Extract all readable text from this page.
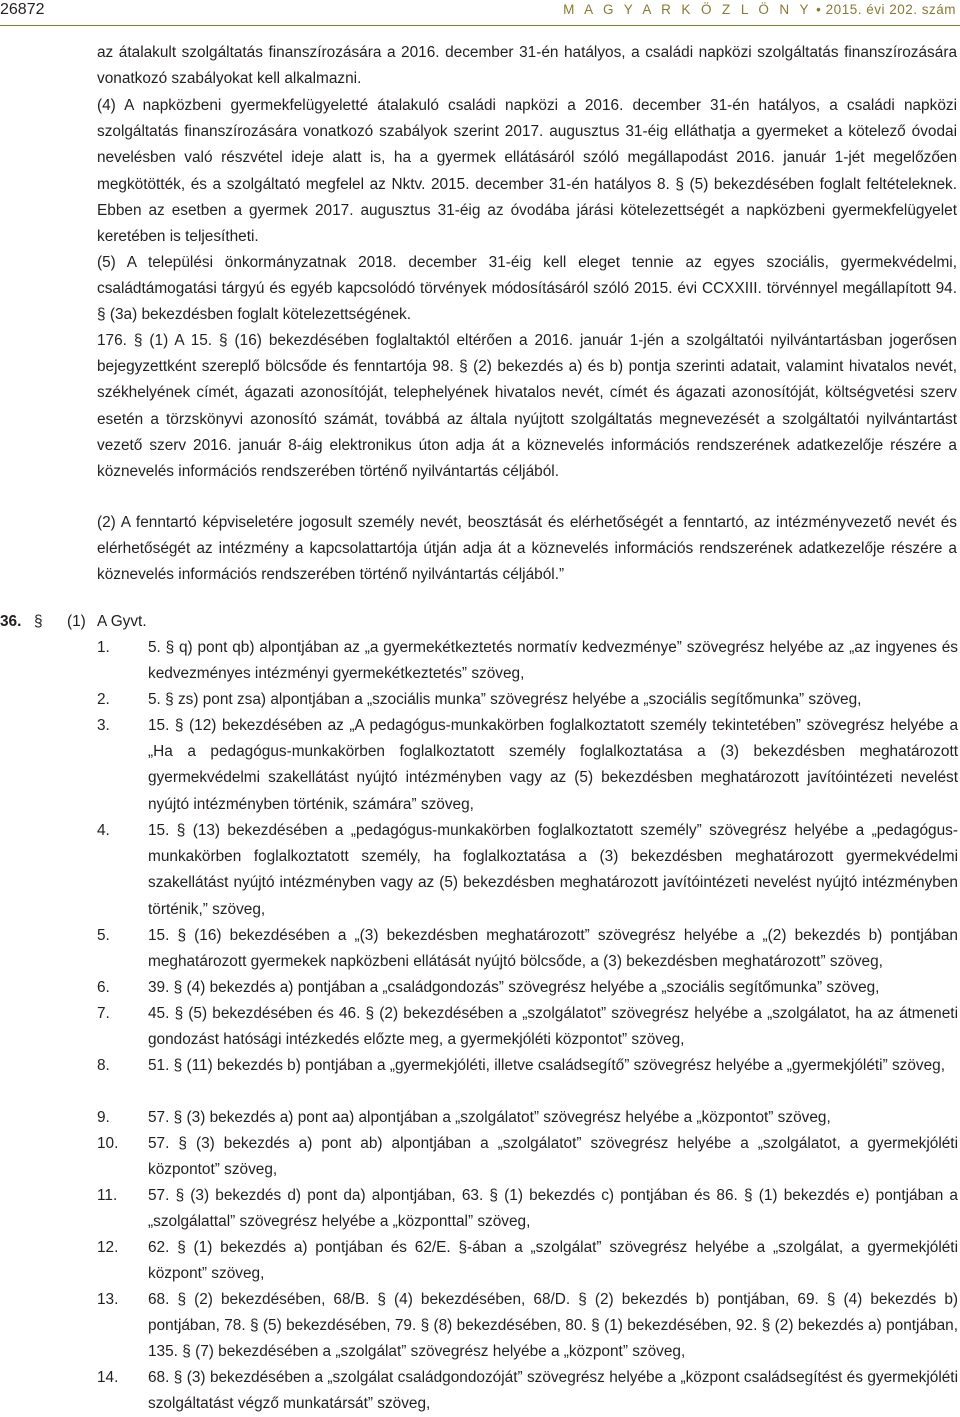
26872	M A G Y A R K Ö Z L Ö N Y • 2015. évi 202. szám

az átalakult szolgáltatás finanszírozására a 2016. december 31-én hatályos, a családi napközi szolgáltatás finanszírozására vonatkozó szabályokat kell alkalmazni.

(4) A napközbeni gyermekfelügyeletté átalakuló családi napközi a 2016. december 31-én hatályos, a családi napközi szolgáltatás finanszírozására vonatkozó szabályok szerint 2017. augusztus 31-éig elláthatja a gyermeket a kötelező óvodai nevelésben való részvétel ideje alatt is, ha a gyermek ellátásáról szóló megállapodást 2016. január 1-jét megelőzően megkötötték, és a szolgáltató megfelel az Nktv. 2015. december 31-én hatályos 8. § (5) bekezdésében foglalt feltételeknek. Ebben az esetben a gyermek 2017. augusztus 31-éig az óvodába járási kötelezettségét a napközbeni gyermekfelügyelet keretében is teljesítheti.

(5) A települési önkormányzatnak 2018. december 31-éig kell eleget tennie az egyes szociális, gyermekvédelmi, családtámogatási tárgyú és egyéb kapcsolódó törvények módosításáról szóló 2015. évi CCXXIII. törvénnyel megállapított 94. § (3a) bekezdésben foglalt kötelezettségének.

176. § (1) A 15. § (16) bekezdésében foglaltaktól eltérően a 2016. január 1-jén a szolgáltatói nyilvántartásban jogerősen bejegyzettként szereplő bölcsőde és fenntartója 98. § (2) bekezdés a) és b) pontja szerinti adatait, valamint hivatalos nevét, székhelyének címét, ágazati azonosítóját, telephelyének hivatalos nevét, címét és ágazati azonosítóját, költségvetési szerv esetén a törzskönyvi azonosító számát, továbbá az általa nyújtott szolgáltatás megnevezését a szolgáltatói nyilvántartást vezető szerv 2016. január 8-áig elektronikus úton adja át a köznevelés információs rendszerének adatkezelője részére a köznevelés információs rendszerében történő nyilvántartás céljából.

(2) A fenntartó képviseletére jogosult személy nevét, beosztását és elérhetőségét a fenntartó, az intézményvezető nevét és elérhetőségét az intézmény a kapcsolattartója útján adja át a köznevelés információs rendszerének adatkezelője részére a köznevelés információs rendszerében történő nyilvántartás céljából.”

36. § (1) A Gyvt.
1.	5. § q) pont qb) alpontjában az „a gyermekétkeztetés normatív kedvezménye” szövegrész helyébe az „az ingyenes és kedvezményes intézményi gyermekétkeztetés” szöveg,
2.	5. § zs) pont zsa) alpontjában a „szociális munka” szövegrész helyébe a „szociális segítőmunka” szöveg,
3.	15. § (12) bekezdésében az „A pedagógus-munkakörben foglalkoztatott személy tekintetében” szövegrész helyébe a „Ha a pedagógus-munkakörben foglalkoztatott személy foglalkoztatása a (3) bekezdésben meghatározott gyermekvédelmi szakellátást nyújtó intézményben vagy az (5) bekezdésben meghatározott javítóintézeti nevelést nyújtó intézményben történik, számára” szöveg,
4.	15. § (13) bekezdésében a „pedagógus-munkakörben foglalkoztatott személy” szövegrész helyébe a „pedagógus-munkakörben foglalkoztatott személy, ha foglalkoztatása a (3) bekezdésben meghatározott gyermekvédelmi szakellátást nyújtó intézményben vagy az (5) bekezdésben meghatározott javítóintézeti nevelést nyújtó intézményben történik,” szöveg,
5.	15. § (16) bekezdésében a „(3) bekezdésben meghatározott” szövegrész helyébe a „(2) bekezdés b) pontjában meghatározott gyermekek napközbeni ellátását nyújtó bölcsőde, a (3) bekezdésben meghatározott” szöveg,
6.	39. § (4) bekezdés a) pontjában a „családgondozás” szövegrész helyébe a „szociális segítőmunka” szöveg,
7.	45. § (5) bekezdésében és 46. § (2) bekezdésében a „szolgálatot” szövegrész helyébe a „szolgálatot, ha az átmeneti gondozást hatósági intézkedés előzte meg, a gyermekjóléti központot” szöveg,
8.	51. § (11) bekezdés b) pontjában a „gyermekjóléti, illetve családsegítő” szövegrész helyébe a „gyermekjóléti” szöveg,
9.	57. § (3) bekezdés a) pont aa) alpontjában a „szolgálatot” szövegrész helyébe a „központot” szöveg,
10.	57. § (3) bekezdés a) pont ab) alpontjában a „szolgálatot” szövegrész helyébe a „szolgálatot, a gyermekjóléti központot” szöveg,
11.	57. § (3) bekezdés d) pont da) alpontjában, 63. § (1) bekezdés c) pontjában és 86. § (1) bekezdés e) pontjában a „szolgálattal” szövegrész helyébe a „központtal” szöveg,
12.	62. § (1) bekezdés a) pontjában és 62/E. §-ában a „szolgálat” szövegrész helyébe a „szolgálat, a gyermekjóléti központ” szöveg,
13.	68. § (2) bekezdésében, 68/B. § (4) bekezdésében, 68/D. § (2) bekezdés b) pontjában, 69. § (4) bekezdés b) pontjában, 78. § (5) bekezdésében, 79. § (8) bekezdésében, 80. § (1) bekezdésében, 92. § (2) bekezdés a) pontjában, 135. § (7) bekezdésében a „szolgálat” szövegrész helyébe a „központ” szöveg,
14.	68. § (3) bekezdésében a „szolgálat családgondozóját” szövegrész helyébe a „központ családsegítést és gyermekjóléti szolgáltatást végző munkatársát” szöveg,
